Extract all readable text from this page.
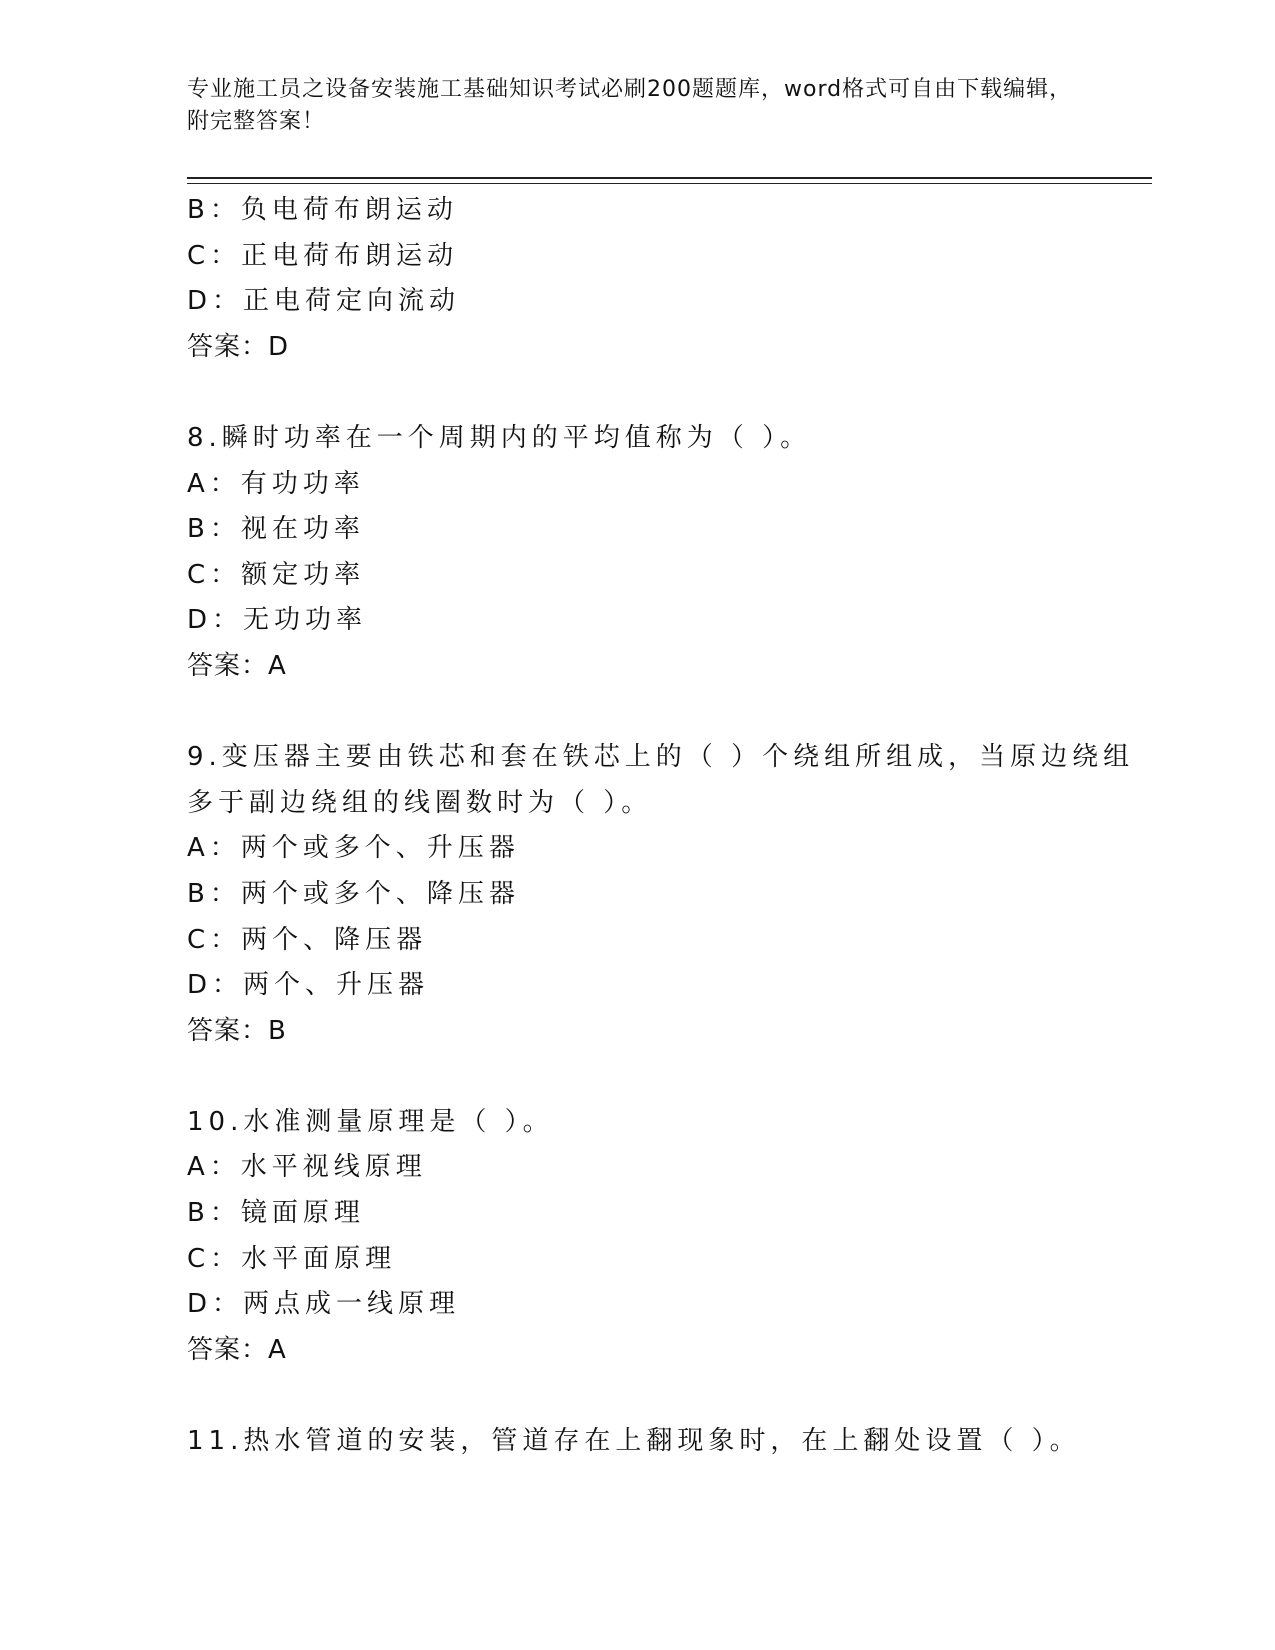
专业施工员之设备安装施工基础知识考试必刷200题题库，word格式可自由下载编辑，附完整答案！
B：负电荷布朗运动
C：正电荷布朗运动
D：正电荷定向流动
答案：D
8.瞬时功率在一个周期内的平均值称为（ ）。
A：有功功率
B：视在功率
C：额定功率
D：无功功率
答案：A
9.变压器主要由铁芯和套在铁芯上的（ ）个绕组所组成，当原边绕组
多于副边绕组的线圈数时为（ ）。
A：两个或多个、升压器
B：两个或多个、降压器
C：两个、降压器
D：两个、升压器
答案：B
10.水准测量原理是（ ）。
A：水平视线原理
B：镜面原理
C：水平面原理
D：两点成一线原理
答案：A
11.热水管道的安装，管道存在上翻现象时，在上翻处设置（ ）。
